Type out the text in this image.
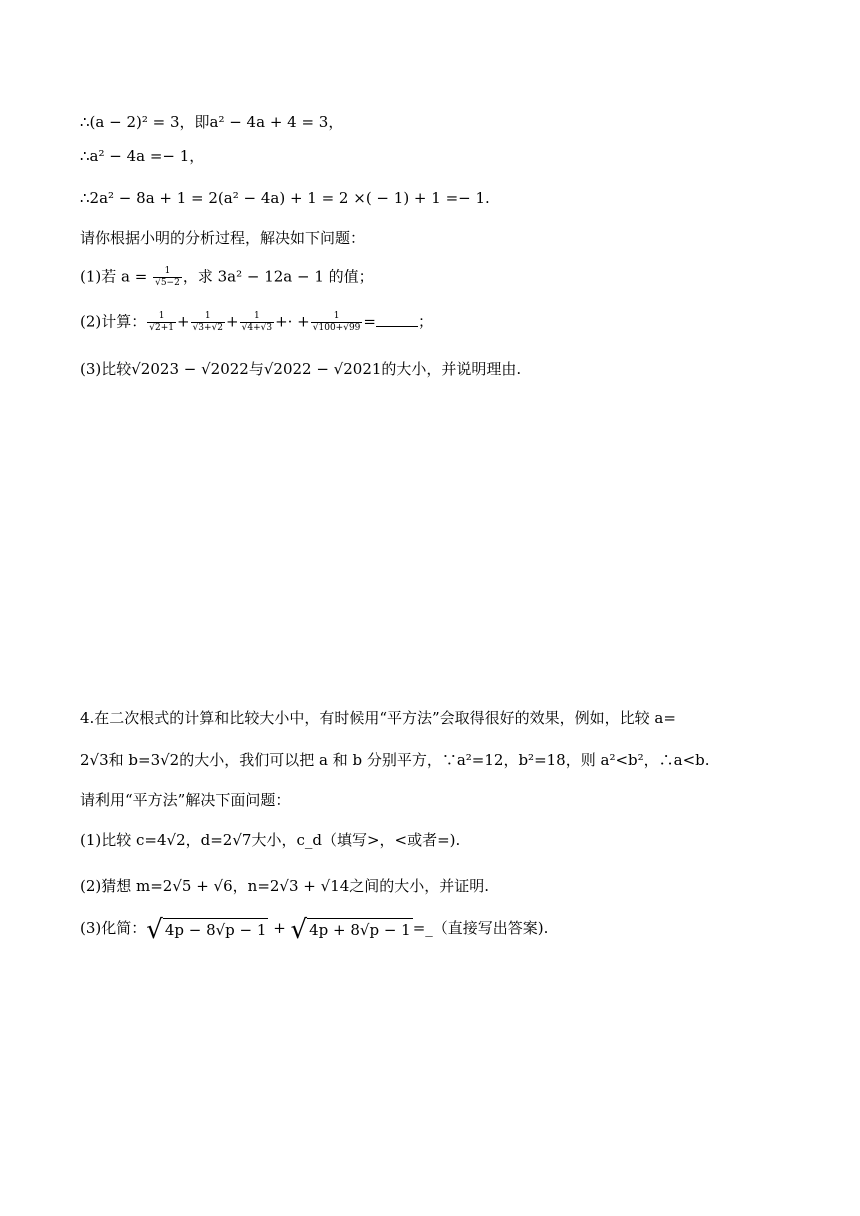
∴(a − 2)² = 3，即a² − 4a + 4 = 3，
∴a² − 4a =− 1，
∴2a² − 8a + 1 = 2(a² − 4a) + 1 = 2 ×( − 1) + 1 =− 1.
请你根据小明的分析过程，解决如下问题：
(1)若 $a = \frac{1}{√5-2}$ ，求 3a² − 12a − 1 的值；
(2)计算： $\frac{1}{√2+1} + \frac{1}{√3+√2} + \frac{1}{√4+√3}$ +· + $\frac{1}{√100+√99}$ =	；
(3)比较√2023 − √2022与√2022 − √2021的大小，并说明理由.
4.在二次根式的计算和比较大小中，有时候用“平方法”会取得很好的效果，例如，比较 a=
2√3和 b=3√2的大小，我们可以把 a 和 b 分别平方，∵a²=12，b²=18，则 a²<b²，∴a<b.
请利用“平方法”解决下面问题：
(1)比较 c=4√2，d=2√7大小，c_d（填写>，<或者=).
(2)猜想 m=2√5 + √6，n=2√3 + √14之间的大小，并证明.
(3)化简：√ 4p − 8√p − 1 + √ 4p + 8√p − 1 =_（直接写出答案).
